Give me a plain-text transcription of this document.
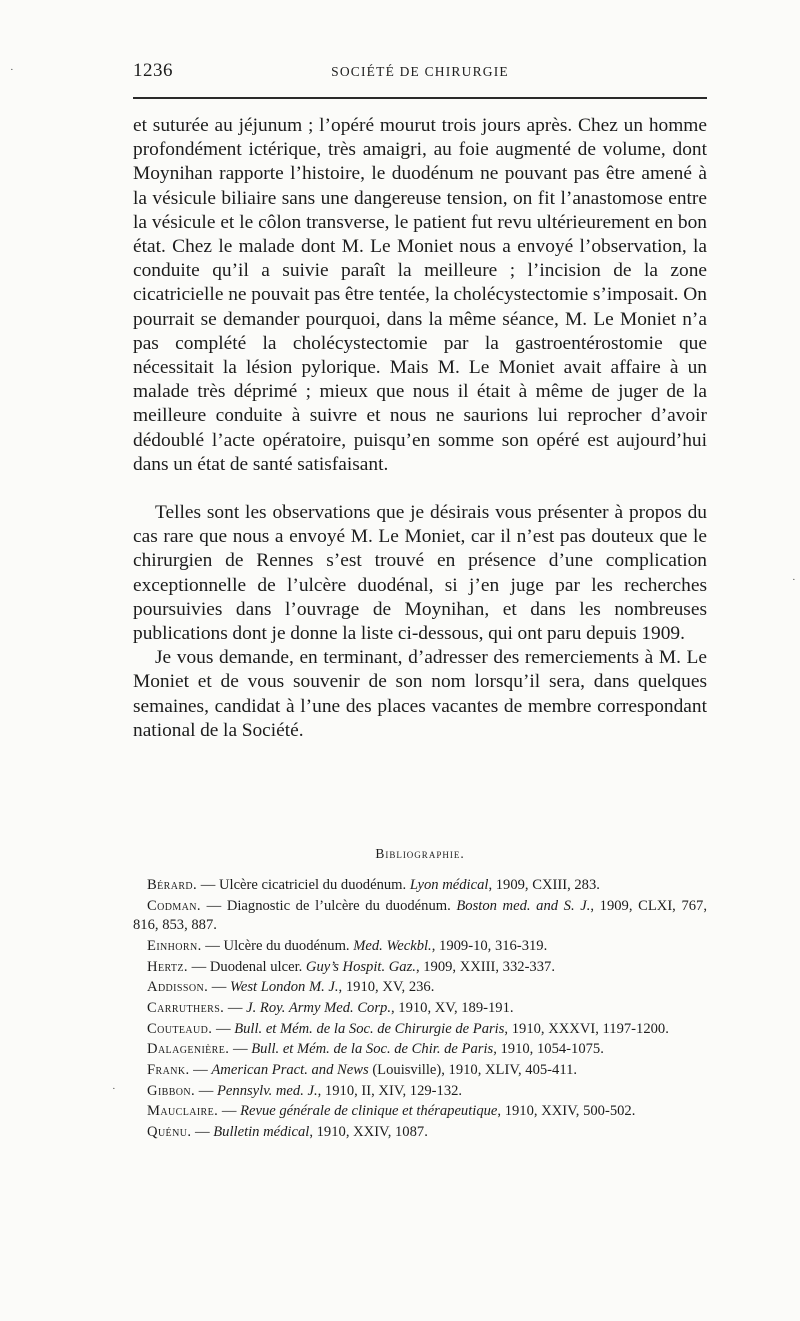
1236	SOCIÉTÉ DE CHIRURGIE

et suturée au jéjunum ; l’opéré mourut trois jours après. Chez un homme profondément ictérique, très amaigri, au foie augmenté de volume, dont Moynihan rapporte l’histoire, le duodénum ne pouvant pas être amené à la vésicule biliaire sans une dangereuse tension, on fit l’anastomose entre la vésicule et le côlon transverse, le patient fut revu ultérieurement en bon état. Chez le malade dont M. Le Moniet nous a envoyé l’observation, la conduite qu’il a suivie paraît la meilleure ; l’incision de la zone cicatricielle ne pouvait pas être tentée, la cholécystectomie s’imposait. On pourrait se demander pourquoi, dans la même séance, M. Le Moniet n’a pas complété la cholécystectomie par la gastroentérostomie que nécessitait la lésion pylorique. Mais M. Le Moniet avait affaire à un malade très déprimé ; mieux que nous il était à même de juger de la meilleure conduite à suivre et nous ne saurions lui reprocher d’avoir dédoublé l’acte opératoire, puisqu’en somme son opéré est aujourd’hui dans un état de santé satisfaisant.

Telles sont les observations que je désirais vous présenter à propos du cas rare que nous a envoyé M. Le Moniet, car il n’est pas douteux que le chirurgien de Rennes s’est trouvé en présence d’une complication exceptionnelle de l’ulcère duodénal, si j’en juge par les recherches poursuivies dans l’ouvrage de Moynihan, et dans les nombreuses publications dont je donne la liste ci-dessous, qui ont paru depuis 1909.

Je vous demande, en terminant, d’adresser des remerciements à M. Le Moniet et de vous souvenir de son nom lorsqu’il sera, dans quelques semaines, candidat à l’une des places vacantes de membre correspondant national de la Société.

Bibliographie.

Bérard. — Ulcère cicatriciel du duodénum. Lyon médical, 1909, CXIII, 283.

Codman. — Diagnostic de l’ulcère du duodénum. Boston med. and S. J., 1909, CLXI, 767, 816, 853, 887.

Einhorn. — Ulcère du duodénum. Med. Weckbl., 1909-10, 316-319.

Hertz. — Duodenal ulcer. Guy’s Hospit. Gaz., 1909, XXIII, 332-337.

Addisson. — West London M. J., 1910, XV, 236.

Carruthers. — J. Roy. Army Med. Corp., 1910, XV, 189-191.

Couteaud. — Bull. et Mém. de la Soc. de Chirurgie de Paris, 1910, XXXVI, 1197-1200.

Dalagenière. — Bull. et Mém. de la Soc. de Chir. de Paris, 1910, 1054-1075.

Frank. — American Pract. and News (Louisville), 1910, XLIV, 405-411.

Gibbon. — Pennsylv. med. J., 1910, II, XIV, 129-132.

Mauclaire. — Revue générale de clinique et thérapeutique, 1910, XXIV, 500-502.

Quénu. — Bulletin médical, 1910, XXIV, 1087.

·
·
·
